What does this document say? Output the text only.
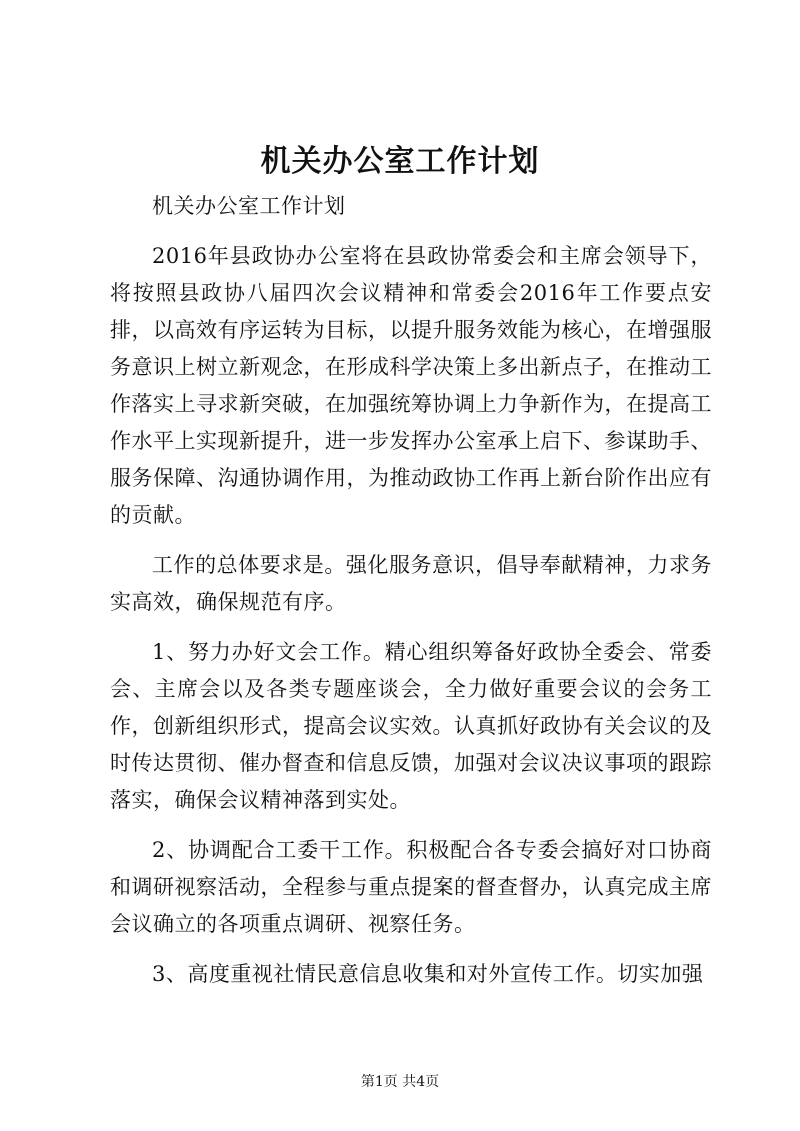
机关办公室工作计划

机关办公室工作计划

2016年县政协办公室将在县政协常委会和主席会领导下，将按照县政协八届四次会议精神和常委会2016年工作要点安排，以高效有序运转为目标，以提升服务效能为核心，在增强服务意识上树立新观念，在形成科学决策上多出新点子，在推动工作落实上寻求新突破，在加强统筹协调上力争新作为，在提高工作水平上实现新提升，进一步发挥办公室承上启下、参谋助手、服务保障、沟通协调作用，为推动政协工作再上新台阶作出应有的贡献。

工作的总体要求是。强化服务意识，倡导奉献精神，力求务实高效，确保规范有序。

1、努力办好文会工作。精心组织筹备好政协全委会、常委会、主席会以及各类专题座谈会，全力做好重要会议的会务工作，创新组织形式，提高会议实效。认真抓好政协有关会议的及时传达贯彻、催办督查和信息反馈，加强对会议决议事项的跟踪落实，确保会议精神落到实处。

2、协调配合工委干工作。积极配合各专委会搞好对口协商和调研视察活动，全程参与重点提案的督查督办，认真完成主席会议确立的各项重点调研、视察任务。

3、高度重视社情民意信息收集和对外宣传工作。切实加强

第1页 共4页
